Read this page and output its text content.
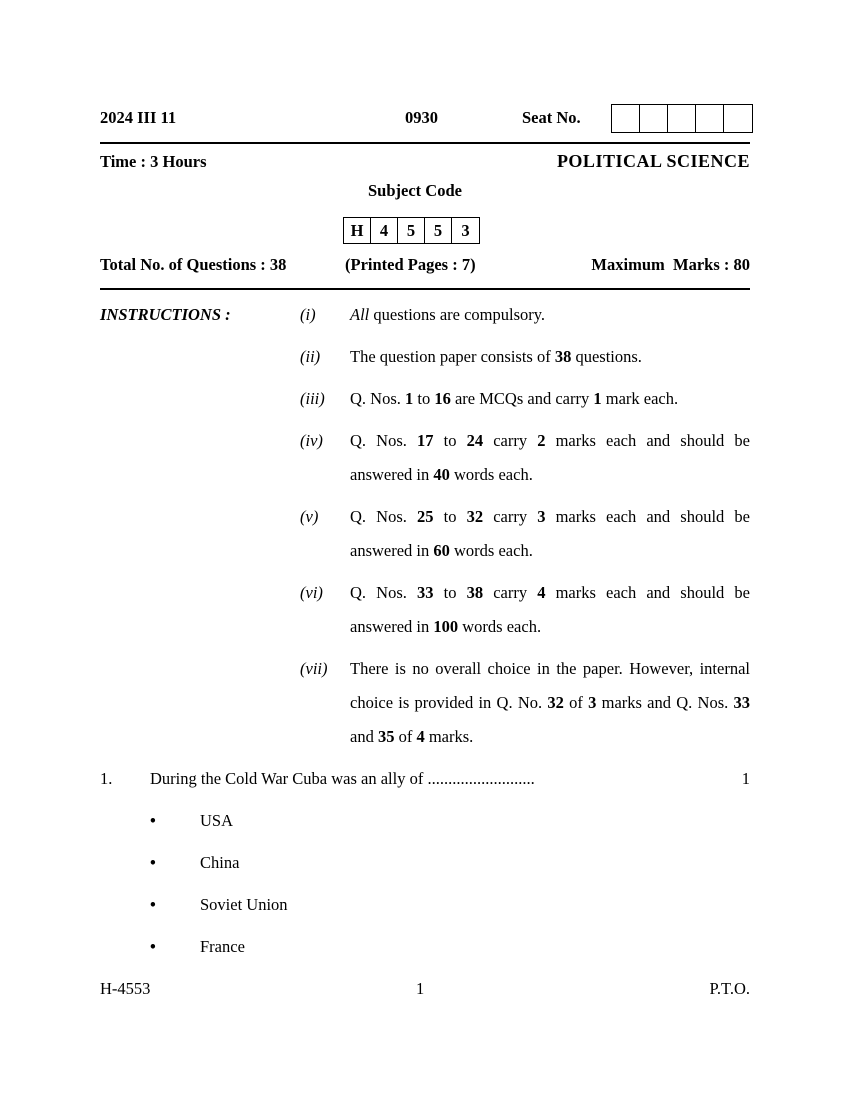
2024 III 11	0930	Seat No.
Time : 3 Hours	POLITICAL SCIENCE
Subject Code
H 4	5	5	3
Total No. of Questions : 38	(Printed Pages : 7)	Maximum  Marks : 80
INSTRUCTIONS :	(i) All questions are compulsory.
(ii) The question paper consists of 38 questions.
(iii) Q. Nos. 1 to 16 are MCQs and carry 1 mark each.
(iv) Q. Nos. 17 to 24 carry 2 marks each and should be answered in 40 words each.
(v) Q. Nos. 25 to 32 carry 3 marks each and should be answered in 60 words each.
(vi) Q. Nos. 33 to 38 carry 4 marks each and should be answered in 100 words each.
(vii) There is no overall choice in the paper. However, internal choice is provided in Q. No. 32 of 3 marks and Q. Nos. 33 and 35 of 4 marks.
1. During the Cold War Cuba was an ally of ..........................	1
•	USA
•	China
•	Soviet Union
•	France
H-4553	1	P.T.O.
